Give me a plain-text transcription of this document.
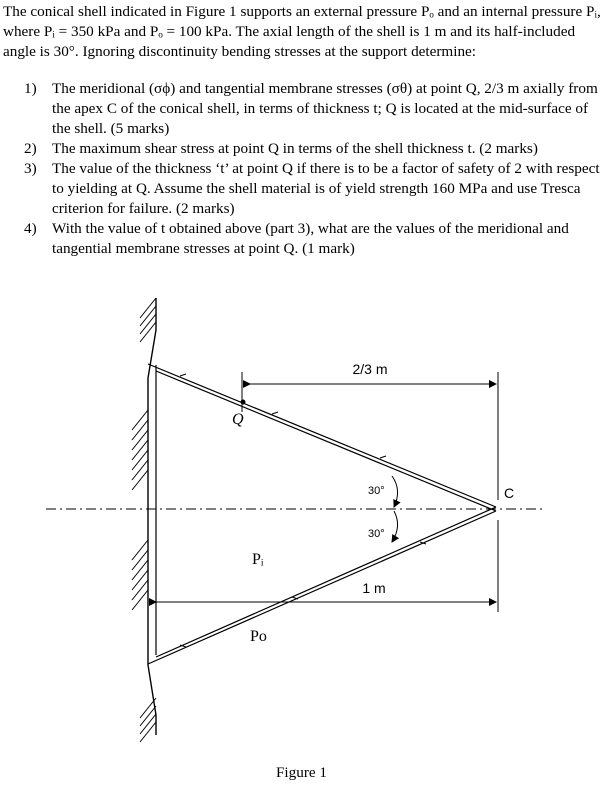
The conical shell indicated in Figure 1 supports an external pressure Pₒ and an internal pressure Pᵢ, where Pᵢ = 350 kPa and Pₒ = 100 kPa. The axial length of the shell is 1 m and its half-included angle is 30°. Ignoring discontinuity bending stresses at the support determine:

1) The meridional (σϕ) and tangential membrane stresses (σθ) at point Q, 2/3 m axially from the apex C of the conical shell, in terms of thickness t; Q is located at the mid-surface of the shell. (5 marks)
2) The maximum shear stress at point Q in terms of the shell thickness t. (2 marks)
3) The value of the thickness ‘t’ at point Q if there is to be a factor of safety of 2 with respect to yielding at Q. Assume the shell material is of yield strength 160 MPa and use Tresca criterion for failure. (2 marks)
4) With the value of t obtained above (part 3), what are the values of the meridional and tangential membrane stresses at point Q. (1 mark)
2/3 m
1 m
Q
C
30°
30°
Pᵢ
Po
Figure 1
